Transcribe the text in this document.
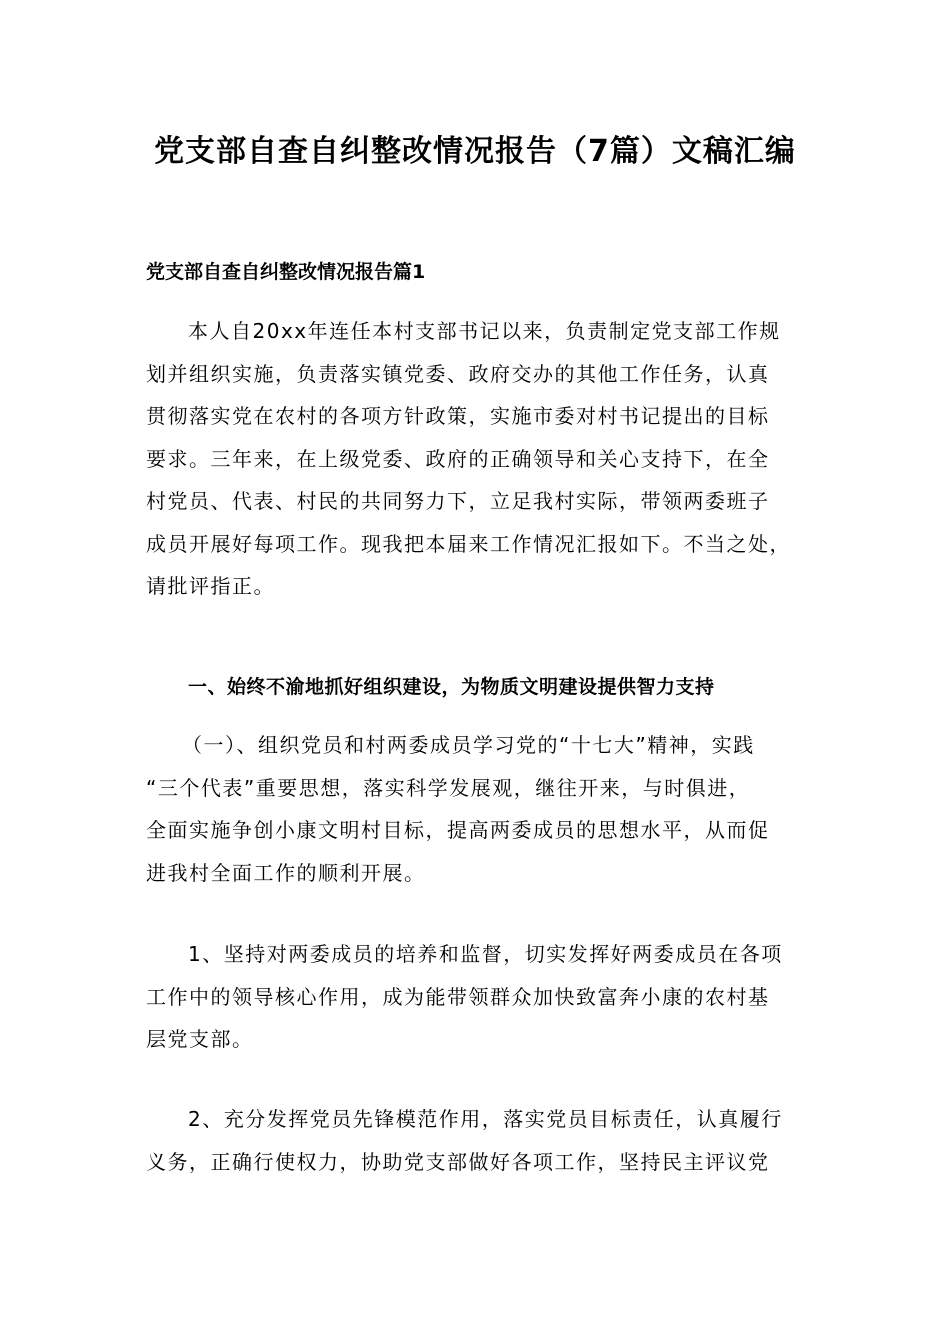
党支部自查自纠整改情况报告（7篇）文稿汇编
党支部自查自纠整改情况报告篇1
本人自20xx年连任本村支部书记以来，负责制定党支部工作规
划并组织实施，负责落实镇党委、政府交办的其他工作任务，认真
贯彻落实党在农村的各项方针政策，实施市委对村书记提出的目标
要求。三年来，在上级党委、政府的正确领导和关心支持下，在全
村党员、代表、村民的共同努力下，立足我村实际，带领两委班子
成员开展好每项工作。现我把本届来工作情况汇报如下。不当之处，
请批评指正。
一、始终不渝地抓好组织建设，为物质文明建设提供智力支持
（一）、组织党员和村两委成员学习党的“十七大”精神，实践
“三个代表”重要思想，落实科学发展观，继往开来，与时俱进，
全面实施争创小康文明村目标，提高两委成员的思想水平，从而促
进我村全面工作的顺利开展。
1、坚持对两委成员的培养和监督，切实发挥好两委成员在各项
工作中的领导核心作用，成为能带领群众加快致富奔小康的农村基
层党支部。
2、充分发挥党员先锋模范作用，落实党员目标责任，认真履行
义务，正确行使权力，协助党支部做好各项工作，坚持民主评议党
